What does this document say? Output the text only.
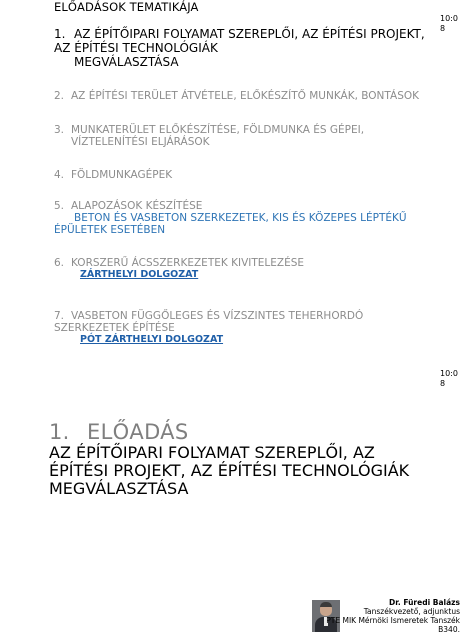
ELŐADÁSOK TEMATIKÁJA
10:0
8
1. AZ ÉPÍTŐIPARI FOLYAMAT SZEREPLŐI, AZ ÉPÍTÉSI PROJEKT,
AZ ÉPÍTÉSI TECHNOLÓGIÁK
MEGVÁLASZTÁSA
2. AZ ÉPÍTÉSI TERÜLET ÁTVÉTELE, ELŐKÉSZÍTŐ MUNKÁK, BONTÁSOK
3. MUNKATERÜLET ELŐKÉSZÍTÉSE, FÖLDMUNKA ÉS GÉPEI,
VÍZTELENÍTÉSI ELJÁRÁSOK
4. FÖLDMUNKAGÉPEK
5. ALAPOZÁSOK KÉSZÍTÉSE
BETON ÉS VASBETON SZERKEZETEK, KIS ÉS KÖZEPES LÉPTÉKŰ
ÉPÜLETEK ESETÉBEN
6. KORSZERŰ ÁCSSZERKEZETEK KIVITELEZÉSE
ZÁRTHELYI DOLGOZAT
7. VASBETON FÜGGŐLEGES ÉS VÍZSZINTES TEHERHORDÓ
SZERKEZETEK ÉPÍTÉSE
PÓT ZÁRTHELYI DOLGOZAT
10:0
8
1. ELŐADÁS
AZ ÉPÍTŐIPARI FOLYAMAT SZEREPLŐI, AZ
ÉPÍTÉSI PROJEKT, AZ ÉPÍTÉSI TECHNOLÓGIÁK
MEGVÁLASZTÁSA
Dr. Füredi Balázs
Tanszékvezető, adjunktus
PTE MIK Mérnöki Ismeretek Tanszék
B340.
